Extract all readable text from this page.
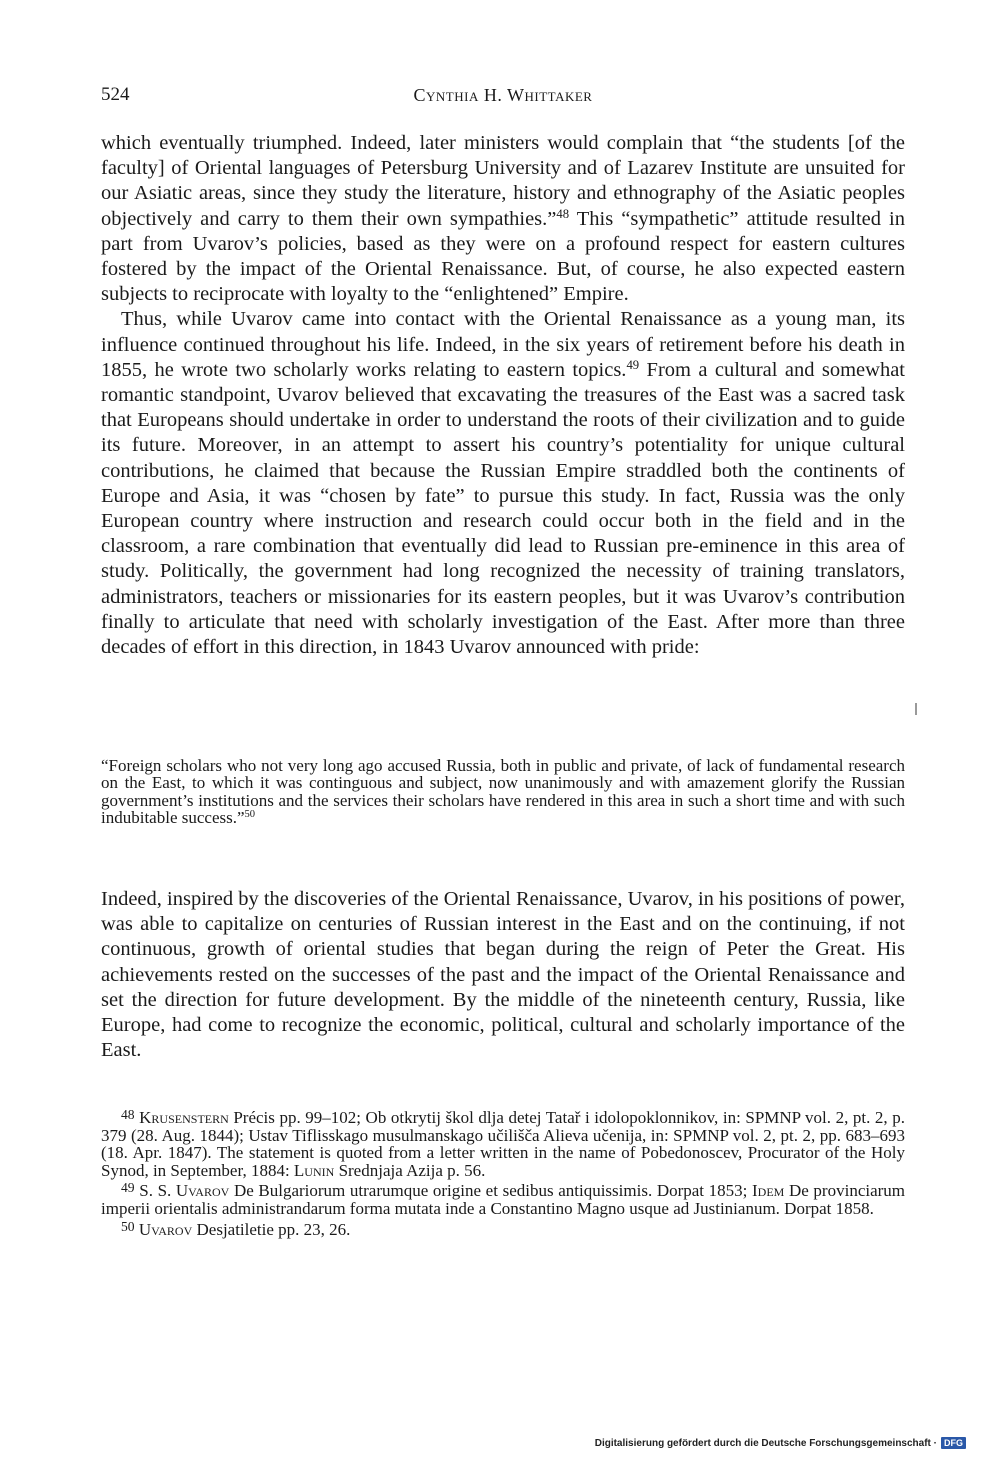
524	Cynthia H. Whittaker

which eventually triumphed. Indeed, later ministers would complain that “the students [of the faculty] of Oriental languages of Petersburg University and of Lazarev Institute are unsuited for our Asiatic areas, since they study the literature, history and ethnography of the Asiatic peoples objectively and carry to them their own sympathies.”$^{48}$ This “sympathetic” attitude resulted in part from Uvarov’s policies, based as they were on a profound respect for eastern cultures fostered by the impact of the Oriental Renaissance. But, of course, he also expected eastern subjects to reciprocate with loyalty to the “enlightened” Empire.

Thus, while Uvarov came into contact with the Oriental Renaissance as a young man, its influence continued throughout his life. Indeed, in the six years of retirement before his death in 1855, he wrote two scholarly works relating to eastern topics.$^{49}$ From a cultural and somewhat romantic standpoint, Uvarov believed that excavating the treasures of the East was a sacred task that Europeans should undertake in order to understand the roots of their civilization and to guide its future. Moreover, in an attempt to assert his country’s potentiality for unique cultural contributions, he claimed that because the Russian Empire straddled both the continents of Europe and Asia, it was “chosen by fate” to pursue this study. In fact, Russia was the only European country where instruction and research could occur both in the field and in the classroom, a rare combination that eventually did lead to Russian pre-eminence in this area of study. Politically, the government had long recognized the necessity of training translators, administrators, teachers or missionaries for its eastern peoples, but it was Uvarov’s contribution finally to articulate that need with scholarly investigation of the East. After more than three decades of effort in this direction, in 1843 Uvarov announced with pride:

“Foreign scholars who not very long ago accused Russia, both in public and private, of lack of fundamental research on the East, to which it was continguous and subject, now unanimously and with amazement glorify the Russian government’s institutions and the services their scholars have rendered in this area in such a short time and with such indubitable success.”$^{50}$

Indeed, inspired by the discoveries of the Oriental Renaissance, Uvarov, in his positions of power, was able to capitalize on centuries of Russian interest in the East and on the continuing, if not continuous, growth of oriental studies that began during the reign of Peter the Great. His achievements rested on the successes of the past and the impact of the Oriental Renaissance and set the direction for future development. By the middle of the nineteenth century, Russia, like Europe, had come to recognize the economic, political, cultural and scholarly importance of the East.

$^{48}$ Krusenstern Précis pp. 99–102; Ob otkrytij škol dlja detej Tatař i idolopoklonnikov, in: SPMNP vol. 2, pt. 2, p. 379 (28. Aug. 1844); Ustav Tiflisskago musulmanskago učilišča Alieva učenija, in: SPMNP vol. 2, pt. 2, pp. 683–693 (18. Apr. 1847). The statement is quoted from a letter written in the name of Pobedonoscev, Procurator of the Holy Synod, in September, 1884: Lunin Srednjaja Azija p. 56.

$^{49}$ S. S. Uvarov De Bulgariorum utrarumque origine et sedibus antiquissimis. Dorpat 1853; Idem De provinciarum imperii orientalis administrandarum forma mutata inde a Constantino Magno usque ad Justinianum. Dorpat 1858.

$^{50}$ Uvarov Desjatiletie pp. 23, 26.

Digitalisierung gefördert durch die Deutsche Forschungsgemeinschaft · DFG
